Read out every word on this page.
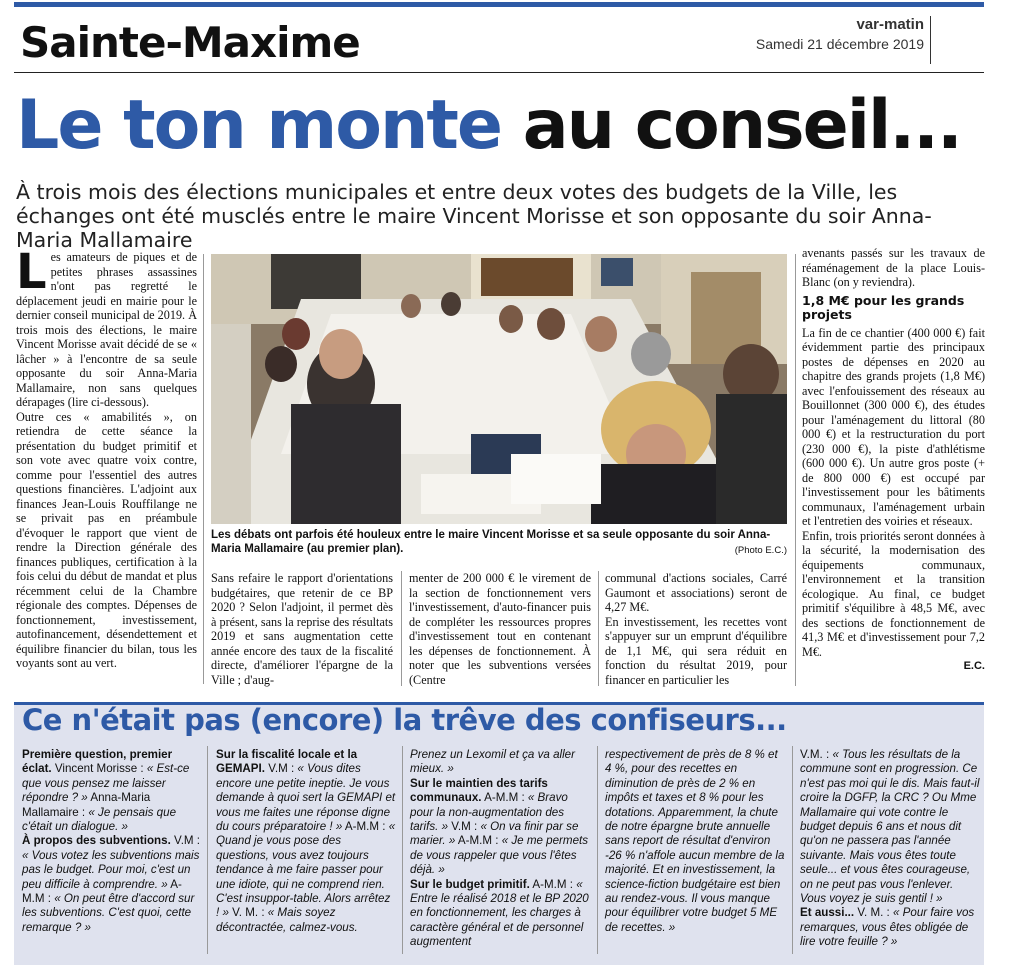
Sainte-Maxime	var-matin
Samedi 21 décembre 2019
Le ton monte au conseil...
À trois mois des élections municipales et entre deux votes des budgets de la Ville, les échanges ont été musclés entre le maire Vincent Morisse et son opposante du soir Anna-Maria Mallamaire

Les amateurs de piques et de petites phrases assassines n'ont pas regretté le déplacement jeudi en mairie pour le dernier conseil municipal de 2019. À trois mois des élections, le maire Vincent Morisse avait décidé de se « lâcher » à l'encontre de sa seule opposante du soir Anna-Maria Mallamaire, non sans quelques dérapages (lire ci-dessous).

Outre ces « amabilités », on retiendra de cette séance la présentation du budget primitif et son vote avec quatre voix contre, comme pour l'essentiel des autres questions financières. L'adjoint aux finances Jean-Louis Rouffilange ne se privait pas en préambule d'évoquer le rapport que vient de rendre la Direction générale des finances publiques, certification à la fois celui du début de mandat et plus récemment celui de la Chambre régionale des comptes. Dépenses de fonctionnement, investissement, autofinancement, désendettement et équilibre financier du bilan, tous les voyants sont au vert.

Les débats ont parfois été houleux entre le maire Vincent Morisse et sa seule opposante du soir Anna-Maria Mallamaire (au premier plan).	(Photo E.C.)

Sans refaire le rapport d'orientations budgétaires, que retenir de ce BP 2020 ? Selon l'adjoint, il permet dès à présent, sans la reprise des résultats 2019 et sans augmentation cette année encore des taux de la fiscalité directe, d'améliorer l'épargne de la Ville ; d'aug-

menter de 200 000 € le virement de la section de fonctionnement vers l'investissement, d'auto-financer puis de compléter les ressources propres d'investissement tout en contenant les dépenses de fonctionnement. À noter que les subventions versées (Centre

communal d'actions sociales, Carré Gaumont et associations) seront de 4,27 M€.

En investissement, les recettes vont s'appuyer sur un emprunt d'équilibre de 1,1 M€, qui sera réduit en fonction du résultat 2019, pour financer en particulier les

avenants passés sur les travaux de réaménagement de la place Louis-Blanc (on y reviendra).

1,8 M€ pour les grands projets

La fin de ce chantier (400 000 €) fait évidemment partie des principaux postes de dépenses en 2020 au chapitre des grands projets (1,8 M€) avec l'enfouissement des réseaux au Bouillonnet (300 000 €), des études pour l'aménagement du littoral (80 000 €) et la restructuration du port (230 000 €), la piste d'athlétisme (600 000 €). Un autre gros poste (+ de 800 000 €) est occupé par l'investissement pour les bâtiments communaux, l'aménagement urbain et l'entretien des voiries et réseaux.

Enfin, trois priorités seront données à la sécurité, la modernisation des équipements communaux, l'environnement et la transition écologique. Au final, ce budget primitif s'équilibre à 48,5 M€, avec des sections de fonctionnement de 41,3 M€ et d'investissement pour 7,2 M€.

E.C.
Ce n'était pas (encore) la trêve des confiseurs...

Première question, premier éclat. Vincent Morisse : « Est-ce que vous pensez me laisser répondre ? » Anna-Maria Mallamaire : « Je pensais que c'était un dialogue. »

À propos des subventions. V.M : « Vous votez les subventions mais pas le budget. Pour moi, c'est un peu difficile à comprendre. » A-M.M : « On peut être d'accord sur les subventions. C'est quoi, cette remarque ? »

Sur la fiscalité locale et la GEMAPI. V.M : « Vous dites encore une petite ineptie. Je vous demande à quoi sert la GEMAPI et vous me faites une réponse digne du cours préparatoire ! » A-M.M : « Quand je vous pose des questions, vous avez toujours tendance à me faire passer pour une idiote, qui ne comprend rien. C'est insuppor-table. Alors arrêtez ! » V. M. : « Mais soyez décontractée, calmez-vous.

Prenez un Lexomil et ça va aller mieux. »

Sur le maintien des tarifs communaux. A-M.M : « Bravo pour la non-augmentation des tarifs. » V.M : « On va finir par se marier. » A-M.M : « Je me permets de vous rappeler que vous l'êtes déjà. »

Sur le budget primitif. A-M.M : « Entre le réalisé 2018 et le BP 2020 en fonctionnement, les charges à caractère général et de personnel augmentent

respectivement de près de 8 % et 4 %, pour des recettes en diminution de près de 2 % en impôts et taxes et 8 % pour les dotations. Apparemment, la chute de notre épargne brute annuelle sans report de résultat d'environ -26 % n'affole aucun membre de la majorité. Et en investissement, la science-fiction budgétaire est bien au rendez-vous. Il vous manque pour équilibrer votre budget 5 ME de recettes. »

V.M. : « Tous les résultats de la commune sont en progression. Ce n'est pas moi qui le dis. Mais faut-il croire la DGFP, la CRC ? Ou Mme Mallamaire qui vote contre le budget depuis 6 ans et nous dit qu'on ne passera pas l'année suivante. Mais vous êtes toute seule... et vous êtes courageuse, on ne peut pas vous l'enlever. Vous voyez je suis gentil ! »

Et aussi... V. M. : « Pour faire vos remarques, vous êtes obligée de lire votre feuille ? »
